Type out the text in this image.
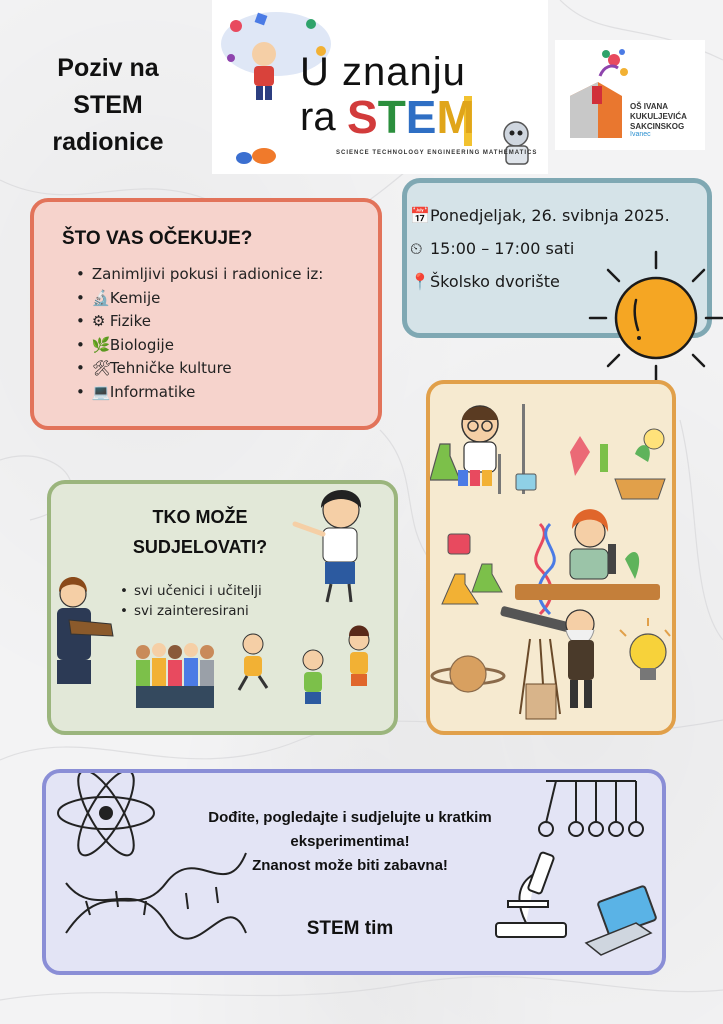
Poziv na
STEM
radionice
U znanju
ra STEM
SCIENCE TECHNOLOGY ENGINEERING MATHEMATICS
OŠ IVANA KUKULJEVIĆA SAKCINSKOG
Ivanec
ŠTO VAS OČEKUJE?
• Zanimljivi pokusi i radionice iz:
• 🔬Kemije
• ⚙ Fizike
• 🌿Biologije
• 🛠Tehničke kulture
• 💻Informatike
📅Ponedjeljak, 26. svibnja 2025.
⏲ 15:00 – 17:00 sati
📍Školsko dvorište
TKO MOŽE
SUDJELOVATI?
• svi učenici i učitelji
• svi zainteresirani
Dođite, pogledajte i sudjelujte u kratkim
eksperimentima!
Znanost može biti zabavna!
STEM tim
